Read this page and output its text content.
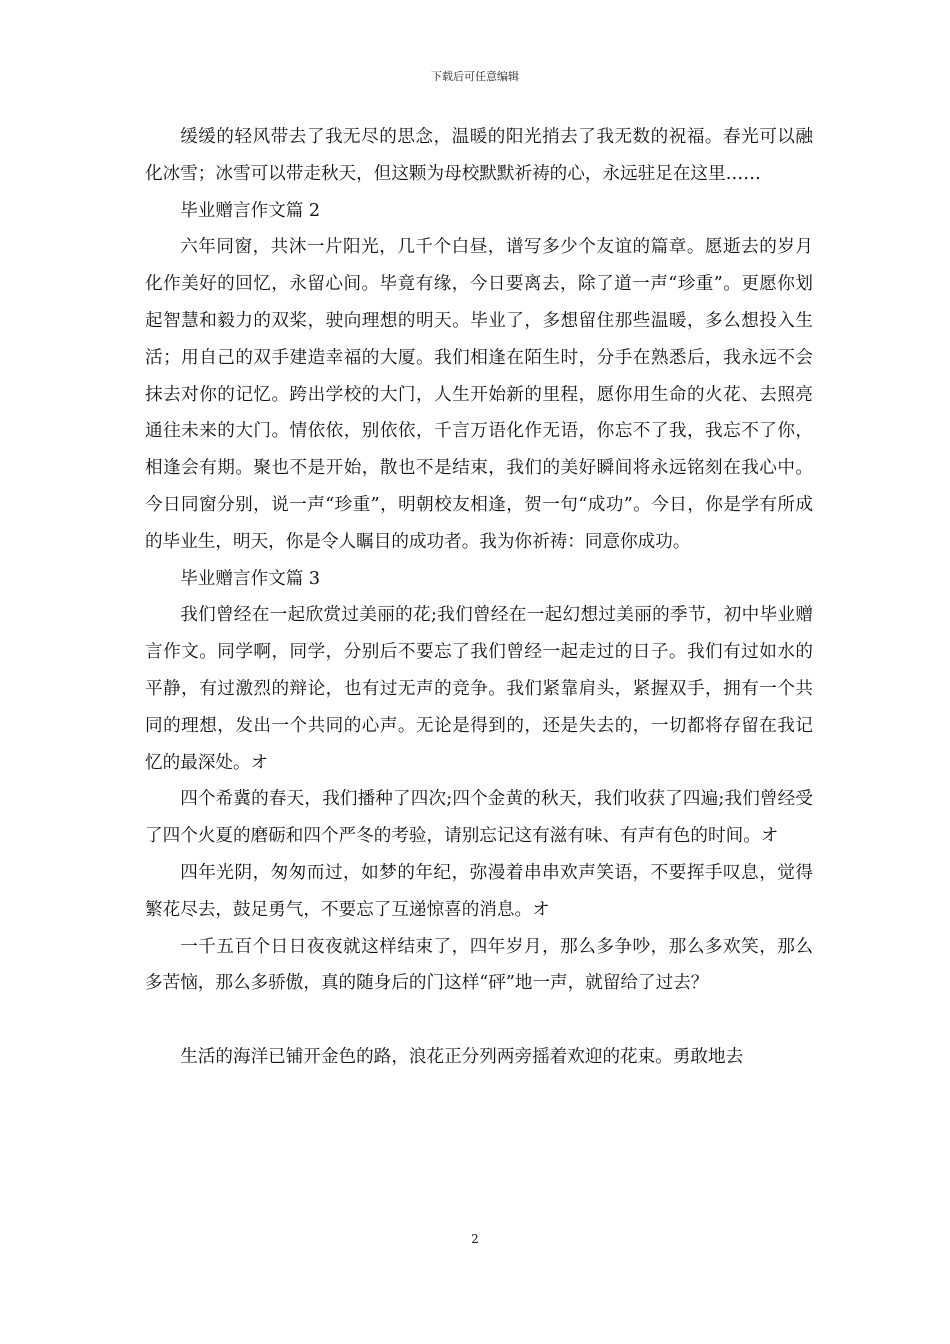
下载后可任意编辑

缓缓的轻风带去了我无尽的思念，温暖的阳光捎去了我无数的祝福。春光可以融化冰雪；冰雪可以带走秋天，但这颗为母校默默祈祷的心，永远驻足在这里……

毕业赠言作文篇 2

六年同窗，共沐一片阳光，几千个白昼，谱写多少个友谊的篇章。愿逝去的岁月化作美好的回忆，永留心间。毕竟有缘，今日要离去，除了道一声“珍重”。更愿你划起智慧和毅力的双桨，驶向理想的明天。毕业了，多想留住那些温暖，多么想投入生活；用自己的双手建造幸福的大厦。我们相逢在陌生时，分手在熟悉后，我永远不会抹去对你的记忆。跨出学校的大门，人生开始新的里程，愿你用生命的火花、去照亮通往未来的大门。情依依，别依依，千言万语化作无语，你忘不了我，我忘不了你，相逢会有期。聚也不是开始，散也不是结束，我们的美好瞬间将永远铭刻在我心中。今日同窗分别，说一声“珍重”，明朝校友相逢，贺一句“成功”。今日，你是学有所成的毕业生，明天，你是令人瞩目的成功者。我为你祈祷：同意你成功。

毕业赠言作文篇 3

我们曾经在一起欣赏过美丽的花;我们曾经在一起幻想过美丽的季节，初中毕业赠言作文。同学啊，同学，分别后不要忘了我们曾经一起走过的日子。我们有过如水的平静，有过激烈的辩论，也有过无声的竞争。我们紧靠肩头，紧握双手，拥有一个共同的理想，发出一个共同的心声。无论是得到的，还是失去的，一切都将存留在我记忆的最深处。オ

四个希冀的春天，我们播种了四次;四个金黄的秋天，我们收获了四遍;我们曾经受了四个火夏的磨砺和四个严冬的考验，请别忘记这有滋有味、有声有色的时间。オ

四年光阴，匆匆而过，如梦的年纪，弥漫着串串欢声笑语，不要挥手叹息，觉得繁花尽去，鼓足勇气，不要忘了互递惊喜的消息。オ

一千五百个日日夜夜就这样结束了，四年岁月，那么多争吵，那么多欢笑，那么多苦恼，那么多骄傲，真的随身后的门这样“砰”地一声，就留给了过去？

生活的海洋已铺开金色的路，浪花正分列两旁摇着欢迎的花束。勇敢地去

2
